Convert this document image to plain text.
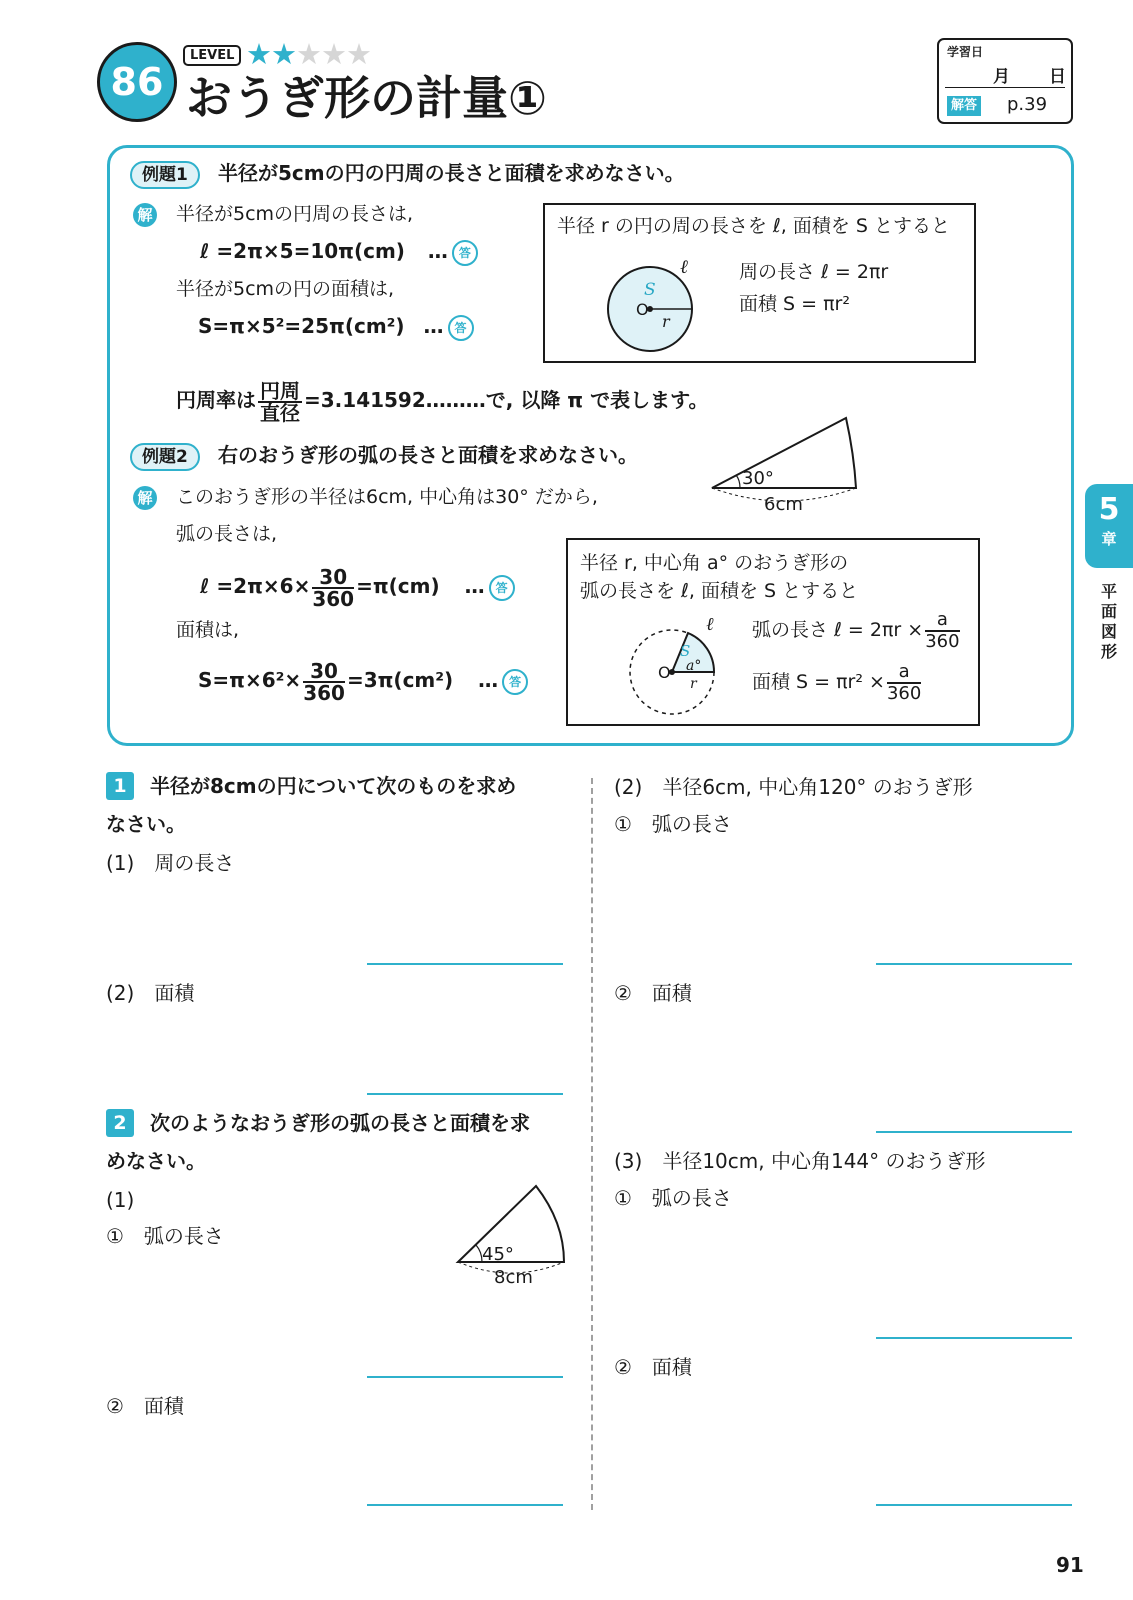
86
LEVEL ★★★★★
おうぎ形の計量①
学習日
月 日
解答 p.39
例題1	半径が5cmの円の円周の長さと面積を求めなさい。
解 半径が5cmの円周の長さは,
ℓ =2π×5=10π(cm) … 答
半径が5cmの円の面積は,
S=π×5²=25π(cm²) … 答
半径 r の円の周の長さを ℓ, 面積を S とすると
O
r
S
ℓ	周の長さ ℓ = 2πr
面積 S = πr²
円周率は $\frac{\text{円周}}{\text{直径}}$ =3.141592………で, 以降 π で表します。
例題2	右のおうぎ形の弧の長さと面積を求めなさい。
30°
6cm
解 このおうぎ形の半径は6cm, 中心角は30° だから,
弧の長さは,
ℓ $=2\pi\times 6\times \frac{30}{360} =\pi(cm)$ … 答
面積は,
$S=\pi\times 6^2\times \frac{30}{360} =3\pi(cm^2)$ … 答
半径 r, 中心角 a° のおうぎ形の
弧の長さを ℓ, 面積を S とすると
O
S
a°
r
ℓ 弧の長さ ℓ = $2\pi r \times \frac{a}{360}$
面積 $S = \pi r^2 \times \frac{a}{360}$
1	半径が8cmの円について次のものを求め
なさい。
(1)　周の長さ
(2)　面積
2	次のようなおうぎ形の弧の長さと面積を求
めなさい。
(1)
①　弧の長さ
45°
8cm
②　面積
(2)　半径6cm, 中心角120° のおうぎ形
①　弧の長さ
②　面積
(3)　半径10cm, 中心角144° のおうぎ形
①　弧の長さ
②　面積
5
章
平面図形
91
